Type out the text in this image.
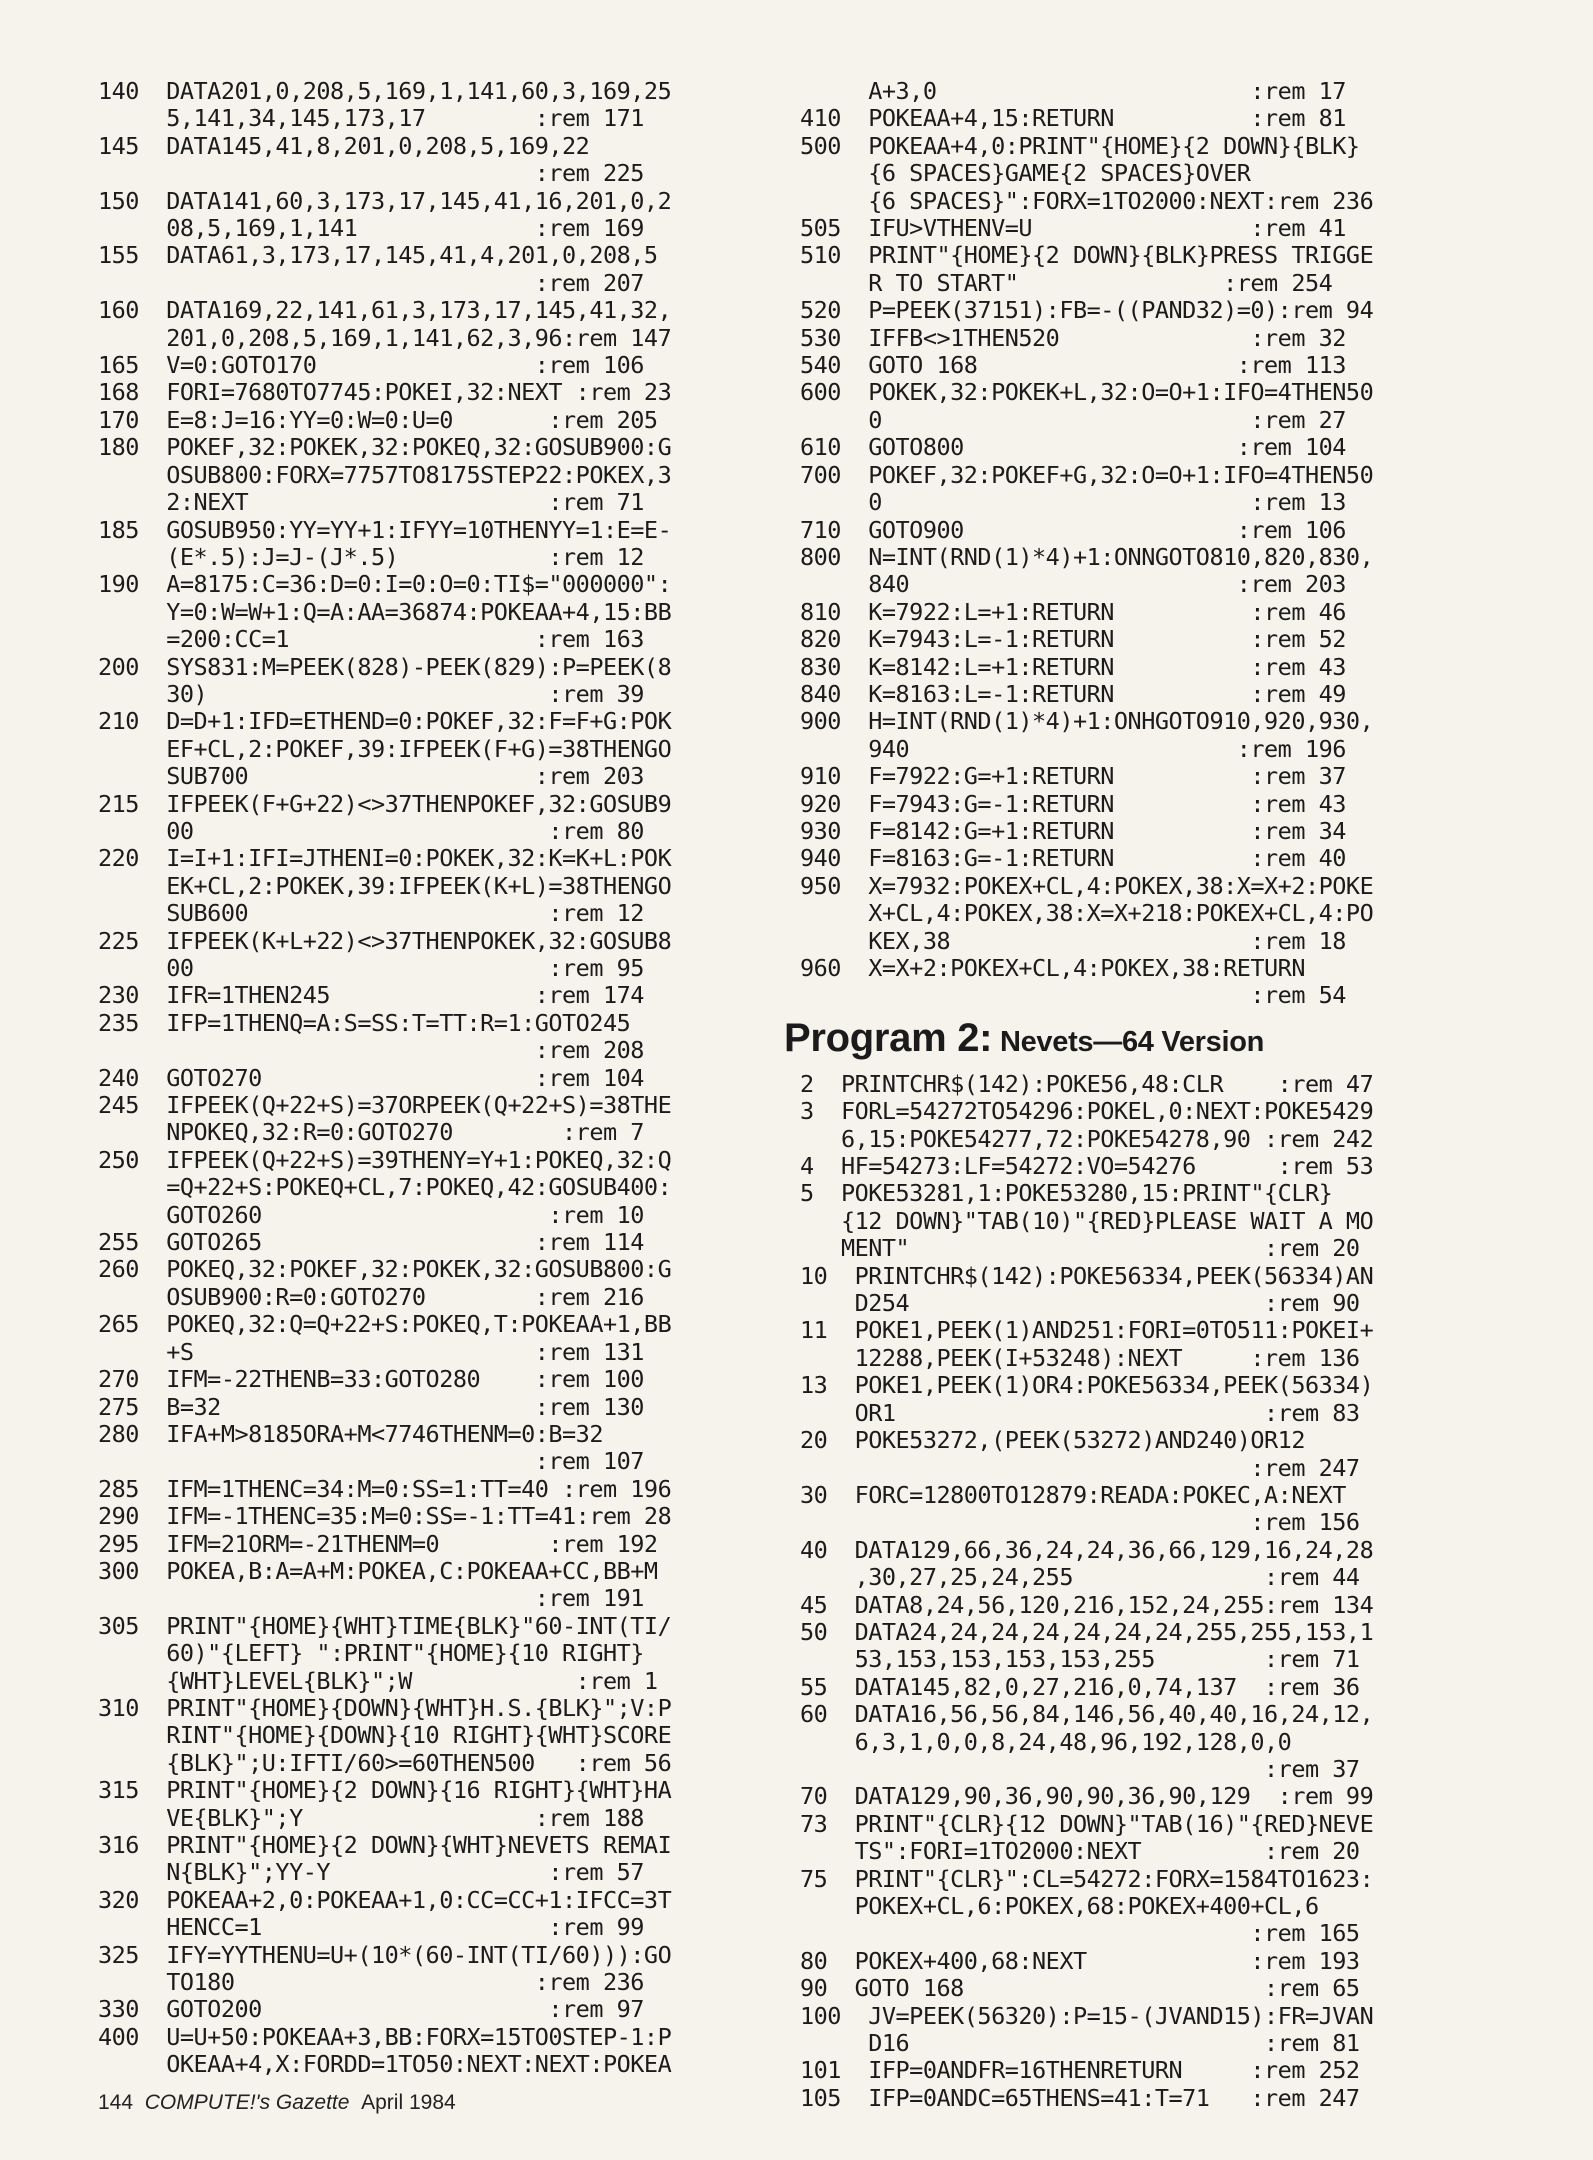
140  DATA201,0,208,5,169,1,141,60,3,169,25
5,141,34,145,173,17        :rem 171
145  DATA145,41,8,201,0,208,5,169,22
:rem 225
150  DATA141,60,3,173,17,145,41,16,201,0,2
08,5,169,1,141             :rem 169
155  DATA61,3,173,17,145,41,4,201,0,208,5
:rem 207
160  DATA169,22,141,61,3,173,17,145,41,32,
201,0,208,5,169,1,141,62,3,96:rem 147
165  V=0:GOTO170                :rem 106
168  FORI=7680TO7745:POKEI,32:NEXT :rem 23
170  E=8:J=16:YY=0:W=0:U=0       :rem 205
180  POKEF,32:POKEK,32:POKEQ,32:GOSUB900:G
OSUB800:FORX=7757TO8175STEP22:POKEX,3
2:NEXT                      :rem 71
185  GOSUB950:YY=YY+1:IFYY=10THENYY=1:E=E-
(E*.5):J=J-(J*.5)           :rem 12
190  A=8175:C=36:D=0:I=0:O=0:TI$="000000":
Y=0:W=W+1:Q=A:AA=36874:POKEAA+4,15:BB
=200:CC=1                  :rem 163
200  SYS831:M=PEEK(828)-PEEK(829):P=PEEK(8
30)                         :rem 39
210  D=D+1:IFD=ETHEND=0:POKEF,32:F=F+G:POK
EF+CL,2:POKEF,39:IFPEEK(F+G)=38THENGO
SUB700                     :rem 203
215  IFPEEK(F+G+22)<>37THENPOKEF,32:GOSUB9
00                          :rem 80
220  I=I+1:IFI=JTHENI=0:POKEK,32:K=K+L:POK
EK+CL,2:POKEK,39:IFPEEK(K+L)=38THENGO
SUB600                      :rem 12
225  IFPEEK(K+L+22)<>37THENPOKEK,32:GOSUB8
00                          :rem 95
230  IFR=1THEN245               :rem 174
235  IFP=1THENQ=A:S=SS:T=TT:R=1:GOTO245
:rem 208
240  GOTO270                    :rem 104
245  IFPEEK(Q+22+S)=37ORPEEK(Q+22+S)=38THE
NPOKEQ,32:R=0:GOTO270        :rem 7
250  IFPEEK(Q+22+S)=39THENY=Y+1:POKEQ,32:Q
=Q+22+S:POKEQ+CL,7:POKEQ,42:GOSUB400:
GOTO260                     :rem 10
255  GOTO265                    :rem 114
260  POKEQ,32:POKEF,32:POKEK,32:GOSUB800:G
OSUB900:R=0:GOTO270        :rem 216
265  POKEQ,32:Q=Q+22+S:POKEQ,T:POKEAA+1,BB
+S                         :rem 131
270  IFM=-22THENB=33:GOTO280    :rem 100
275  B=32                       :rem 130
280  IFA+M>8185ORA+M<7746THENM=0:B=32
:rem 107
285  IFM=1THENC=34:M=0:SS=1:TT=40 :rem 196
290  IFM=-1THENC=35:M=0:SS=-1:TT=41:rem 28
295  IFM=21ORM=-21THENM=0        :rem 192
300  POKEA,B:A=A+M:POKEA,C:POKEAA+CC,BB+M
:rem 191
305  PRINT"{HOME}{WHT}TIME{BLK}"60-INT(TI/
60)"{LEFT} ":PRINT"{HOME}{10 RIGHT}
{WHT}LEVEL{BLK}";W            :rem 1
310  PRINT"{HOME}{DOWN}{WHT}H.S.{BLK}";V:P
RINT"{HOME}{DOWN}{10 RIGHT}{WHT}SCORE
{BLK}";U:IFTI/60>=60THEN500   :rem 56
315  PRINT"{HOME}{2 DOWN}{16 RIGHT}{WHT}HA
VE{BLK}";Y                 :rem 188
316  PRINT"{HOME}{2 DOWN}{WHT}NEVETS REMAI
N{BLK}";YY-Y                :rem 57
320  POKEAA+2,0:POKEAA+1,0:CC=CC+1:IFCC=3T
HENCC=1                     :rem 99
325  IFY=YYTHENU=U+(10*(60-INT(TI/60))):GO
TO180                      :rem 236
330  GOTO200                     :rem 97
400  U=U+50:POKEAA+3,BB:FORX=15TO0STEP-1:P
OKEAA+4,X:FORDD=1TO50:NEXT:NEXT:POKEA
A+3,0                       :rem 17
410  POKEAA+4,15:RETURN          :rem 81
500  POKEAA+4,0:PRINT"{HOME}{2 DOWN}{BLK}
{6 SPACES}GAME{2 SPACES}OVER
{6 SPACES}":FORX=1TO2000:NEXT:rem 236
505  IFU>VTHENV=U                :rem 41
510  PRINT"{HOME}{2 DOWN}{BLK}PRESS TRIGGE
R TO START"               :rem 254
520  P=PEEK(37151):FB=-((PAND32)=0):rem 94
530  IFFB<>1THEN520              :rem 32
540  GOTO 168                   :rem 113
600  POKEK,32:POKEK+L,32:O=O+1:IFO=4THEN50
0                           :rem 27
610  GOTO800                    :rem 104
700  POKEF,32:POKEF+G,32:O=O+1:IFO=4THEN50
0                           :rem 13
710  GOTO900                    :rem 106
800  N=INT(RND(1)*4)+1:ONNGOTO810,820,830,
840                        :rem 203
810  K=7922:L=+1:RETURN          :rem 46
820  K=7943:L=-1:RETURN          :rem 52
830  K=8142:L=+1:RETURN          :rem 43
840  K=8163:L=-1:RETURN          :rem 49
900  H=INT(RND(1)*4)+1:ONHGOTO910,920,930,
940                        :rem 196
910  F=7922:G=+1:RETURN          :rem 37
920  F=7943:G=-1:RETURN          :rem 43
930  F=8142:G=+1:RETURN          :rem 34
940  F=8163:G=-1:RETURN          :rem 40
950  X=7932:POKEX+CL,4:POKEX,38:X=X+2:POKE
X+CL,4:POKEX,38:X=X+218:POKEX+CL,4:PO
KEX,38                      :rem 18
960  X=X+2:POKEX+CL,4:POKEX,38:RETURN
:rem 54
Program 2: Nevets—64 Version
2  PRINTCHR$(142):POKE56,48:CLR    :rem 47
3  FORL=54272TO54296:POKEL,0:NEXT:POKE5429
6,15:POKE54277,72:POKE54278,90 :rem 242
4  HF=54273:LF=54272:VO=54276      :rem 53
5  POKE53281,1:POKE53280,15:PRINT"{CLR}
{12 DOWN}"TAB(10)"{RED}PLEASE WAIT A MO
MENT"                          :rem 20
10  PRINTCHR$(142):POKE56334,PEEK(56334)AN
D254                          :rem 90
11  POKE1,PEEK(1)AND251:FORI=0TO511:POKEI+
12288,PEEK(I+53248):NEXT     :rem 136
13  POKE1,PEEK(1)OR4:POKE56334,PEEK(56334)
OR1                           :rem 83
20  POKE53272,(PEEK(53272)AND240)OR12
:rem 247
30  FORC=12800TO12879:READA:POKEC,A:NEXT
:rem 156
40  DATA129,66,36,24,24,36,66,129,16,24,28
,30,27,25,24,255              :rem 44
45  DATA8,24,56,120,216,152,24,255:rem 134
50  DATA24,24,24,24,24,24,24,255,255,153,1
53,153,153,153,153,255        :rem 71
55  DATA145,82,0,27,216,0,74,137  :rem 36
60  DATA16,56,56,84,146,56,40,40,16,24,12,
6,3,1,0,0,8,24,48,96,192,128,0,0
:rem 37
70  DATA129,90,36,90,90,36,90,129  :rem 99
73  PRINT"{CLR}{12 DOWN}"TAB(16)"{RED}NEVE
TS":FORI=1TO2000:NEXT         :rem 20
75  PRINT"{CLR}":CL=54272:FORX=1584TO1623:
POKEX+CL,6:POKEX,68:POKEX+400+CL,6
:rem 165
80  POKEX+400,68:NEXT            :rem 193
90  GOTO 168                      :rem 65
100  JV=PEEK(56320):P=15-(JVAND15):FR=JVAN
D16                          :rem 81
101  IFP=0ANDFR=16THENRETURN     :rem 252
105  IFP=0ANDC=65THENS=41:T=71   :rem 247
144 COMPUTE!'s Gazette April 1984
